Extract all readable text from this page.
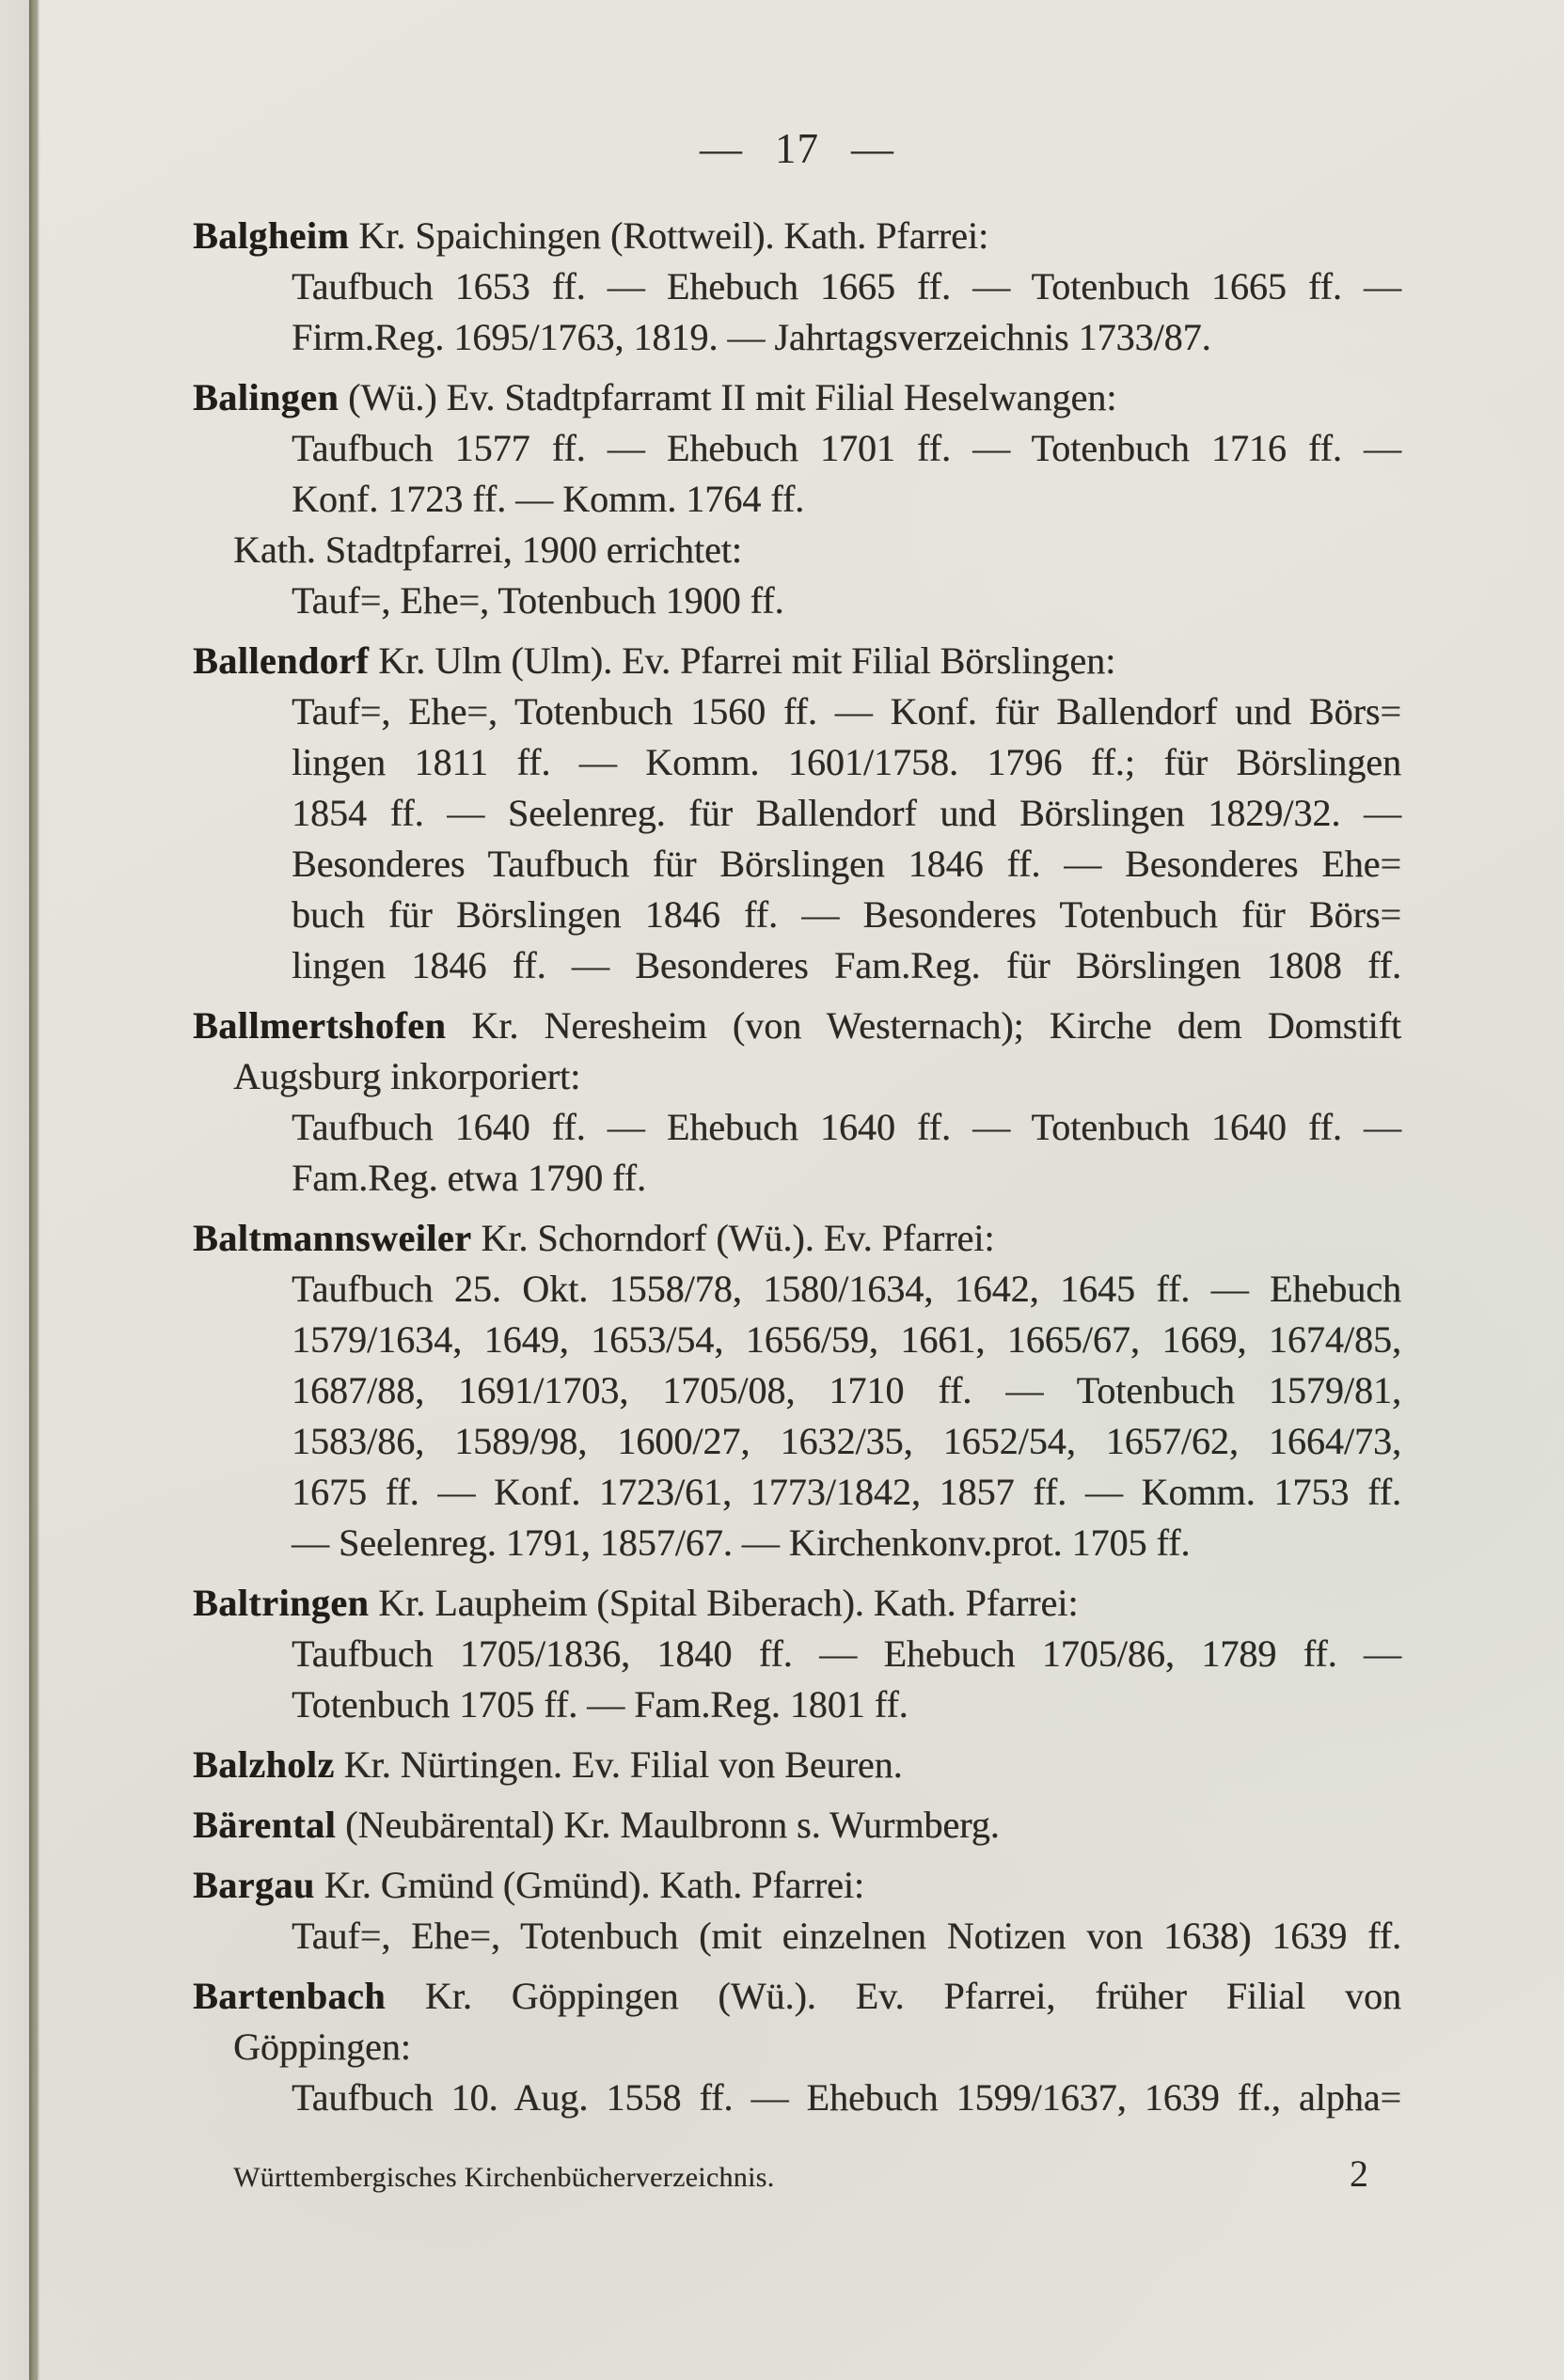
— 17 —
Balgheim Kr. Spaichingen (Rottweil). Kath. Pfarrei:
Taufbuch 1653 ff. — Ehebuch 1665 ff. — Totenbuch 1665 ff. —
Firm.Reg. 1695/1763, 1819. — Jahrtagsverzeichnis 1733/87.
Balingen (Wü.) Ev. Stadtpfarramt II mit Filial Heselwangen:
Taufbuch 1577 ff. — Ehebuch 1701 ff. — Totenbuch 1716 ff. —
Konf. 1723 ff. — Komm. 1764 ff.
Kath. Stadtpfarrei, 1900 errichtet:
Tauf=, Ehe=, Totenbuch 1900 ff.
Ballendorf Kr. Ulm (Ulm). Ev. Pfarrei mit Filial Börslingen:
Tauf=, Ehe=, Totenbuch 1560 ff. — Konf. für Ballendorf und Börs=
lingen 1811 ff. — Komm. 1601/1758. 1796 ff.; für Börslingen
1854 ff. — Seelenreg. für Ballendorf und Börslingen 1829/32. —
Besonderes Taufbuch für Börslingen 1846 ff. — Besonderes Ehe=
buch für Börslingen 1846 ff. — Besonderes Totenbuch für Börs=
lingen 1846 ff. — Besonderes Fam.Reg. für Börslingen 1808 ff.
Ballmertshofen Kr. Neresheim (von Westernach); Kirche dem Domstift
Augsburg inkorporiert:
Taufbuch 1640 ff. — Ehebuch 1640 ff. — Totenbuch 1640 ff. —
Fam.Reg. etwa 1790 ff.
Baltmannsweiler Kr. Schorndorf (Wü.). Ev. Pfarrei:
Taufbuch 25. Okt. 1558/78, 1580/1634, 1642, 1645 ff. — Ehebuch
1579/1634, 1649, 1653/54, 1656/59, 1661, 1665/67, 1669, 1674/85,
1687/88, 1691/1703, 1705/08, 1710 ff. — Totenbuch 1579/81,
1583/86, 1589/98, 1600/27, 1632/35, 1652/54, 1657/62, 1664/73,
1675 ff. — Konf. 1723/61, 1773/1842, 1857 ff. — Komm. 1753 ff.
— Seelenreg. 1791, 1857/67. — Kirchenkonv.prot. 1705 ff.
Baltringen Kr. Laupheim (Spital Biberach). Kath. Pfarrei:
Taufbuch 1705/1836, 1840 ff. — Ehebuch 1705/86, 1789 ff. —
Totenbuch 1705 ff. — Fam.Reg. 1801 ff.
Balzholz Kr. Nürtingen. Ev. Filial von Beuren.
Bärental (Neubärental) Kr. Maulbronn s. Wurmberg.
Bargau Kr. Gmünd (Gmünd). Kath. Pfarrei:
Tauf=, Ehe=, Totenbuch (mit einzelnen Notizen von 1638) 1639 ff.
Bartenbach Kr. Göppingen (Wü.). Ev. Pfarrei, früher Filial von
Göppingen:
Taufbuch 10. Aug. 1558 ff. — Ehebuch 1599/1637, 1639 ff., alpha=
Württembergisches Kirchenbücherverzeichnis.	2
